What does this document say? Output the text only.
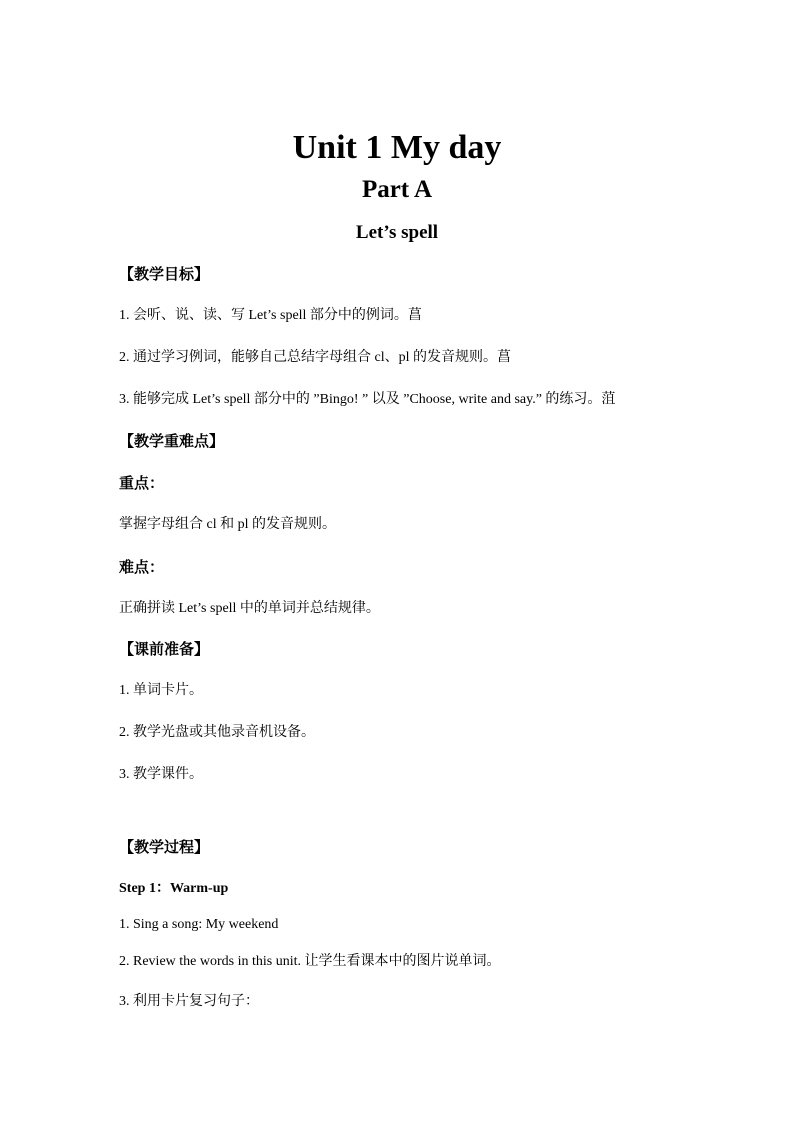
Unit 1 My day
Part A
Let’s spell
【教学目标】
1. 会听、说、读、写 Let’s spell 部分中的例词。菖
2. 通过学习例词，能够自己总结字母组合 cl、pl 的发音规则。菖
3. 能够完成 Let’s spell 部分中的 ”Bingo! ” 以及 ”Choose, write and say.” 的练习。菹
【教学重难点】
重点：
掌握字母组合 cl 和 pl 的发音规则。
难点：
正确拼读 Let’s spell 中的单词并总结规律。
【课前准备】
1. 单词卡片。
2. 教学光盘或其他录音机设备。
3. 教学课件。
【教学过程】
Step 1：Warm-up
1. Sing a song: My weekend
2. Review the words in this unit. 让学生看课本中的图片说单词。
3. 利用卡片复习句子：
